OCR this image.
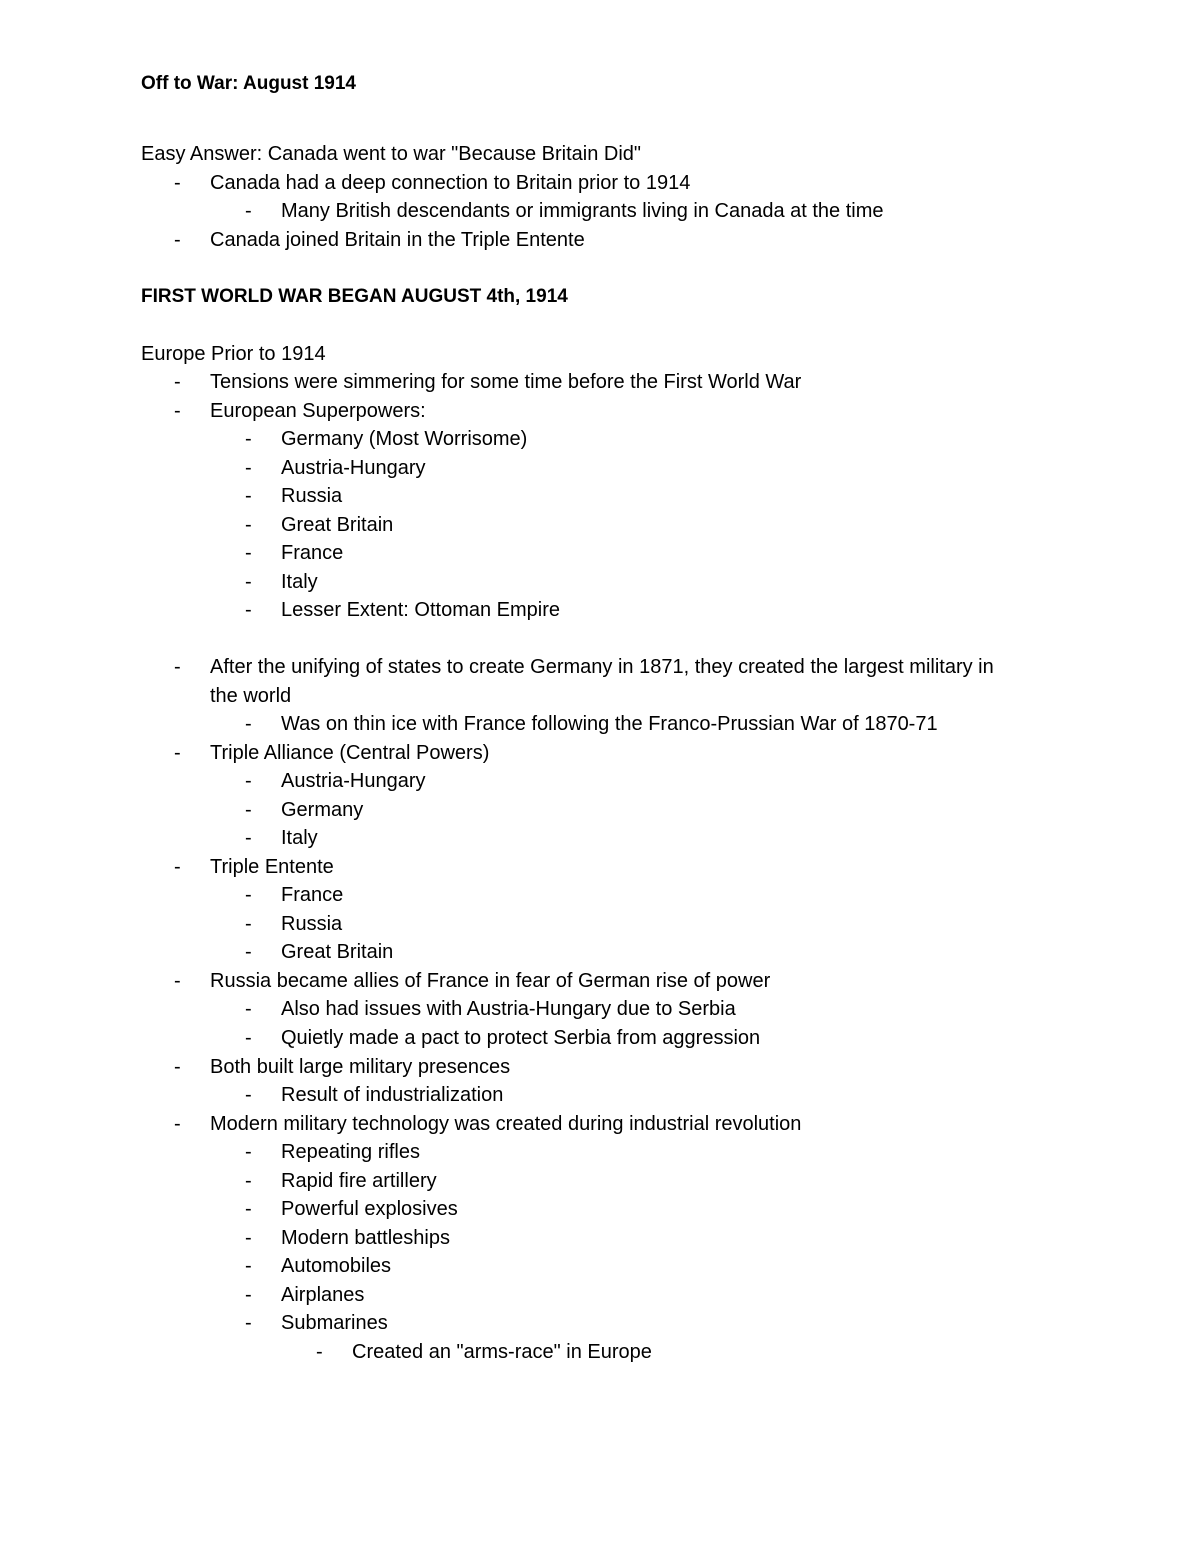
Off to War: August 1914
Easy Answer: Canada went to war "Because Britain Did"
- Canada had a deep connection to Britain prior to 1914
- Many British descendants or immigrants living in Canada at the time
- Canada joined Britain in the Triple Entente
FIRST WORLD WAR BEGAN AUGUST 4th, 1914
Europe Prior to 1914
- Tensions were simmering for some time before the First World War
- European Superpowers:
- Germany (Most Worrisome)
- Austria-Hungary
- Russia
- Great Britain
- France
- Italy
- Lesser Extent: Ottoman Empire
- After the unifying of states to create Germany in 1871, they created the largest military in
the world
- Was on thin ice with France following the Franco-Prussian War of 1870-71
- Triple Alliance (Central Powers)
- Austria-Hungary
- Germany
- Italy
- Triple Entente
- France
- Russia
- Great Britain
- Russia became allies of France in fear of German rise of power
- Also had issues with Austria-Hungary due to Serbia
- Quietly made a pact to protect Serbia from aggression
- Both built large military presences
- Result of industrialization
- Modern military technology was created during industrial revolution
- Repeating rifles
- Rapid fire artillery
- Powerful explosives
- Modern battleships
- Automobiles
- Airplanes
- Submarines
- Created an "arms-race" in Europe
